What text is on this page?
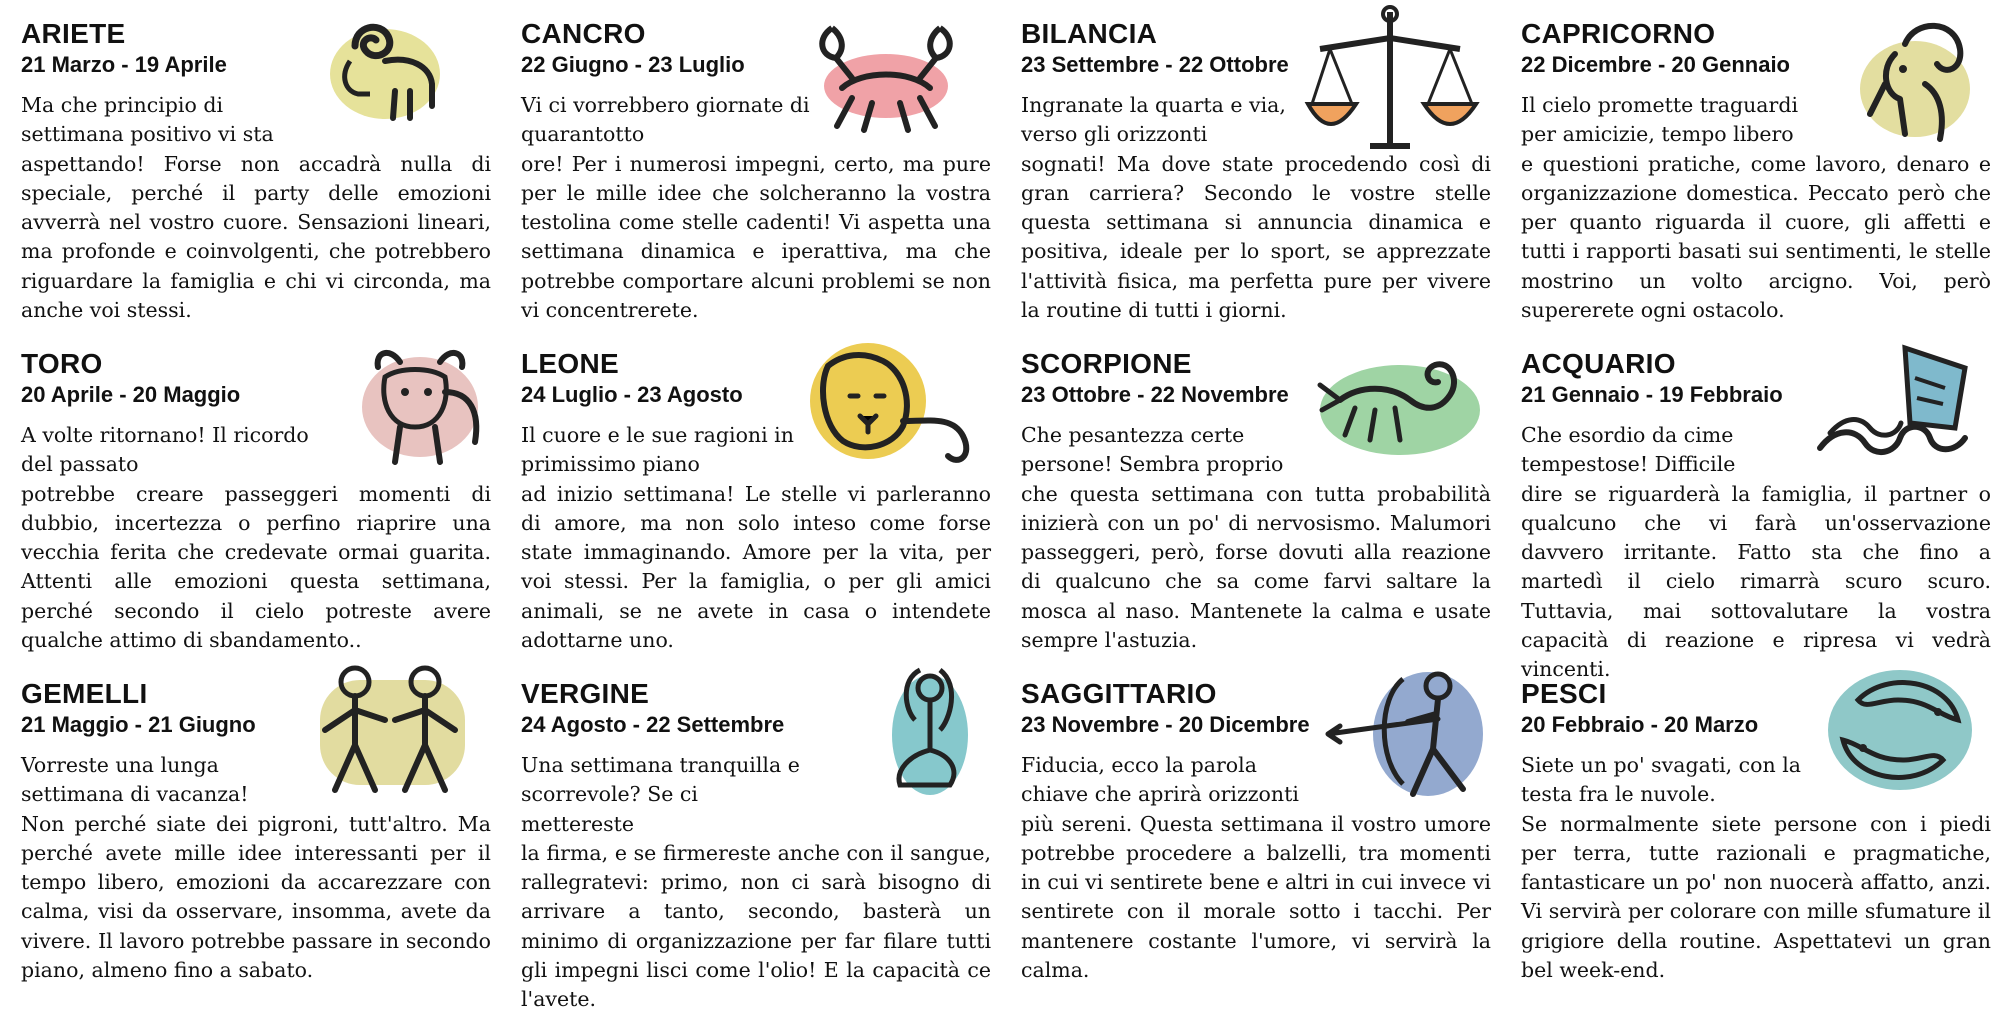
ARIETE
21 Marzo - 19 Aprile

Ma che principio di settimana positivo vi sta
aspettando! Forse non accadrà nulla di speciale, perché il party delle emozioni avverrà nel vostro cuore. Sensazioni lineari, ma profonde e coinvolgenti, che potrebbero riguardare la famiglia e chi vi circonda, ma anche voi stessi.

CANCRO
22 Giugno - 23 Luglio

Vi ci vorrebbero giornate di quarantotto
ore! Per i numerosi impegni, certo, ma pure per le mille idee che solcheranno la vostra testolina come stelle cadenti! Vi aspetta una settimana dinamica e iperattiva, ma che potrebbe comportare alcuni problemi se non vi concentrerete.

BILANCIA
23 Settembre - 22 Ottobre

Ingranate la quarta e via, verso gli orizzonti
sognati! Ma dove state procedendo così di gran carriera? Secondo le vostre stelle questa settimana si annuncia dinamica e positiva, ideale per lo sport, se apprezzate l'attività fisica, ma perfetta pure per vivere la routine di tutti i giorni.

CAPRICORNO
22 Dicembre - 20 Gennaio

Il cielo promette traguardi per amicizie, tempo libero
e questioni pratiche, come lavoro, denaro e organizzazione domestica. Peccato però che per quanto riguarda il cuore, gli affetti e tutti i rapporti basati sui sentimenti, le stelle mostrino un volto arcigno. Voi, però supererete ogni ostacolo.

TORO
20 Aprile - 20 Maggio

A volte ritornano! Il ricordo del passato
potrebbe creare passeggeri momenti di dubbio, incertezza o perfino riaprire una vecchia ferita che credevate ormai guarita. Attenti alle emozioni questa settimana, perché secondo il cielo potreste avere qualche attimo di sbandamento..

LEONE
24 Luglio - 23 Agosto

Il cuore e le sue ragioni in primissimo piano
ad inizio settimana! Le stelle vi parleranno di amore, ma non solo inteso come forse state immaginando. Amore per la vita, per voi stessi. Per la famiglia, o per gli amici animali, se ne avete in casa o intendete adottarne uno.

SCORPIONE
23 Ottobre - 22 Novembre

Che pesantezza certe persone! Sembra proprio
che questa settimana con tutta probabilità inizierà con un po' di nervosismo. Malumori passeggeri, però, forse dovuti alla reazione di qualcuno che sa come farvi saltare la mosca al naso. Mantenete la calma e usate sempre l'astuzia.

ACQUARIO
21 Gennaio - 19 Febbraio

Che esordio da cime tempestose! Difficile
dire se riguarderà la famiglia, il partner o qualcuno che vi farà un'osservazione davvero irritante. Fatto sta che fino a martedì il cielo rimarrà scuro scuro. Tuttavia, mai sottovalutare la vostra capacità di reazione e ripresa vi vedrà vincenti.

GEMELLI
21 Maggio - 21 Giugno

Vorreste una lunga settimana di vacanza!
Non perché siate dei pigroni, tutt'altro. Ma perché avete mille idee interessanti per il tempo libero, emozioni da accarezzare con calma, visi da osservare, insomma, avete da vivere. Il lavoro potrebbe passare in secondo piano, almeno fino a sabato.

VERGINE
24 Agosto - 22 Settembre

Una settimana tranquilla e scorrevole? Se ci mettereste
la firma, e se firmereste anche con il sangue, rallegratevi: primo, non ci sarà bisogno di arrivare a tanto, secondo, basterà un minimo di organizzazione per far filare tutti gli impegni lisci come l'olio! E la capacità ce l'avete.

SAGGITTARIO
23 Novembre - 20 Dicembre

Fiducia, ecco la parola chiave che aprirà orizzonti
più sereni. Questa settimana il vostro umore potrebbe procedere a balzelli, tra momenti in cui vi sentirete bene e altri in cui invece vi sentirete con il morale sotto i tacchi. Per mantenere costante l'umore, vi servirà la calma.

PESCI
20 Febbraio - 20 Marzo

Siete un po' svagati, con la testa fra le nuvole.
Se normalmente siete persone con i piedi per terra, tutte razionali e pragmatiche, fantasticare un po' non nuocerà affatto, anzi. Vi servirà per colorare con mille sfumature il grigiore della routine. Aspettatevi un gran bel week-end.
